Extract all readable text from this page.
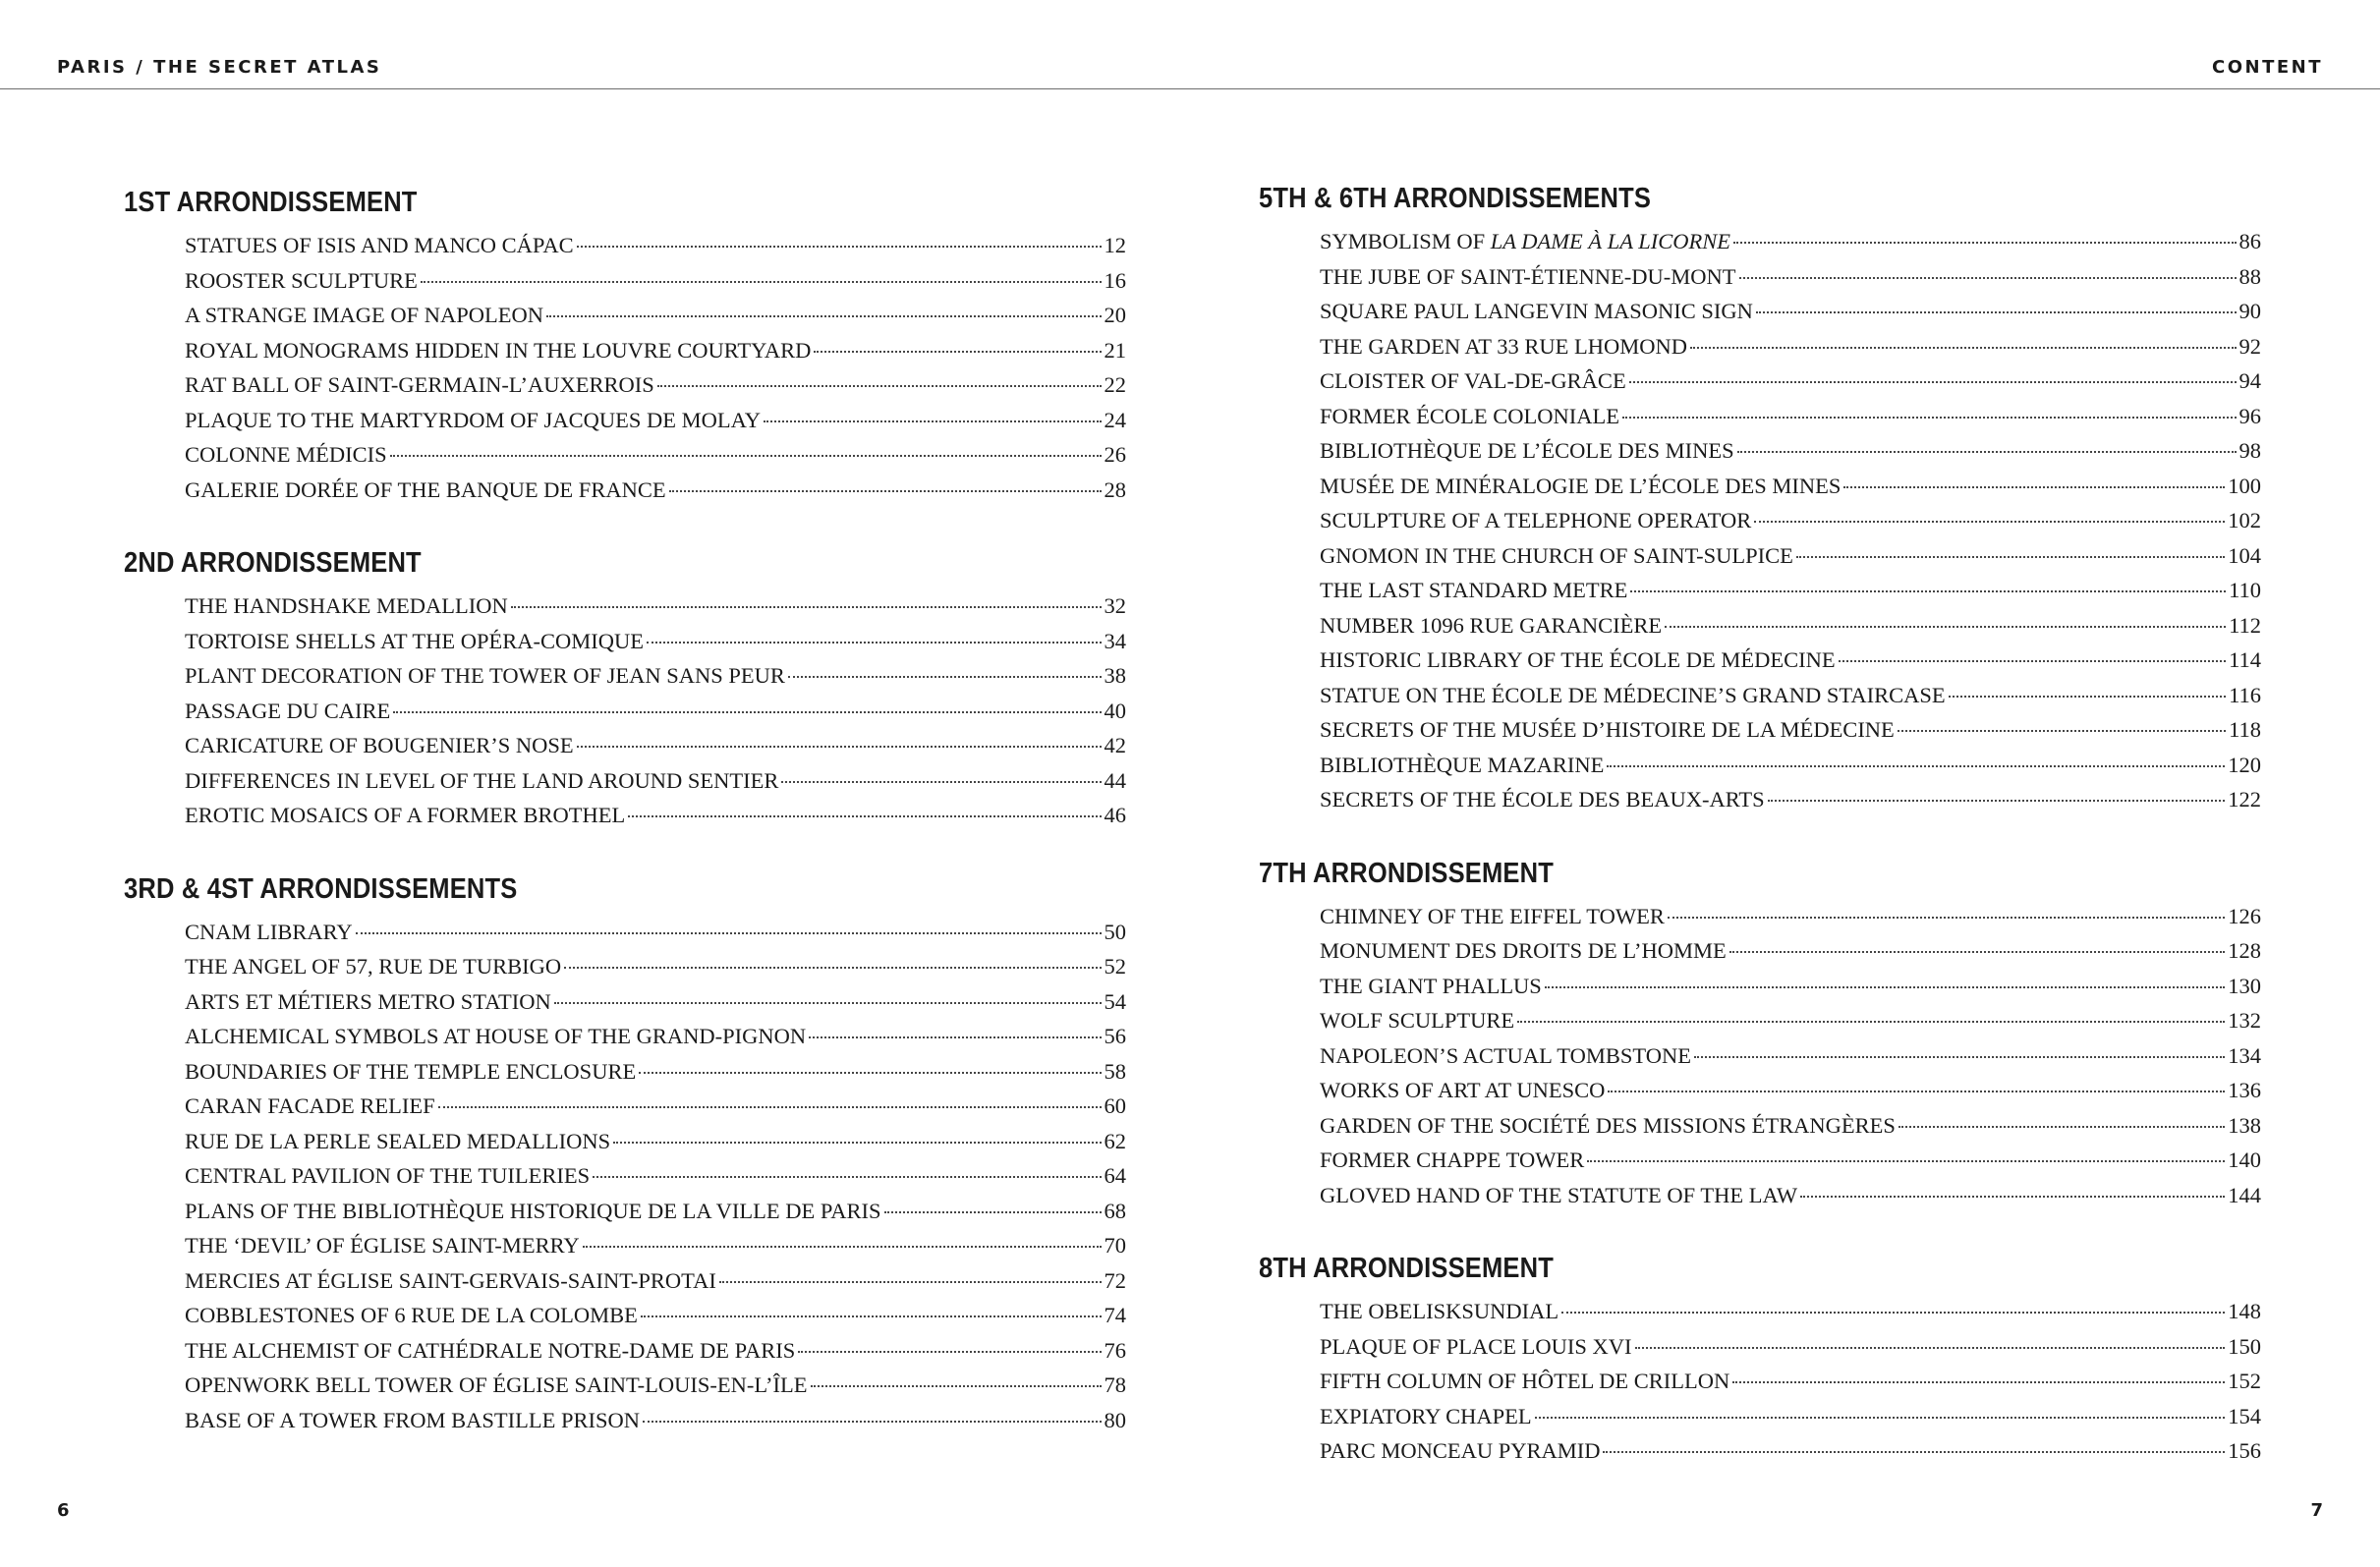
PARIS / THE SECRET ATLAS	CONTENT
1ST ARRONDISSEMENT
STATUES OF ISIS AND MANCO CÁPAC	12
ROOSTER SCULPTURE	16
A STRANGE IMAGE OF NAPOLEON	20
ROYAL MONOGRAMS HIDDEN IN THE LOUVRE COURTYARD	21
RAT BALL OF SAINT-GERMAIN-L’AUXERROIS	22
PLAQUE TO THE MARTYRDOM OF JACQUES DE MOLAY	24
COLONNE MÉDICIS	26
GALERIE DORÉE OF THE BANQUE DE FRANCE	28
2ND ARRONDISSEMENT
THE HANDSHAKE MEDALLION	32
TORTOISE SHELLS AT THE OPÉRA-COMIQUE	34
PLANT DECORATION OF THE TOWER OF JEAN SANS PEUR	38
PASSAGE DU CAIRE	40
CARICATURE OF BOUGENIER’S NOSE	42
DIFFERENCES IN LEVEL OF THE LAND AROUND SENTIER	44
EROTIC MOSAICS OF A FORMER BROTHEL	46
3RD & 4ST ARRONDISSEMENTS
CNAM LIBRARY	50
THE ANGEL OF 57, RUE DE TURBIGO	52
ARTS ET MÉTIERS METRO STATION	54
ALCHEMICAL SYMBOLS AT HOUSE OF THE GRAND-PIGNON	56
BOUNDARIES OF THE TEMPLE ENCLOSURE	58
CARAN FACADE RELIEF	60
RUE DE LA PERLE SEALED MEDALLIONS	62
CENTRAL PAVILION OF THE TUILERIES	64
PLANS OF THE BIBLIOTHÈQUE HISTORIQUE DE LA VILLE DE PARIS	68
THE ‘DEVIL’ OF ÉGLISE SAINT-MERRY	70
MERCIES AT ÉGLISE SAINT-GERVAIS-SAINT-PROTAI	72
COBBLESTONES OF 6 RUE DE LA COLOMBE	74
THE ALCHEMIST OF CATHÉDRALE NOTRE-DAME DE PARIS	76
OPENWORK BELL TOWER OF ÉGLISE SAINT-LOUIS-EN-L’ÎLE	78
BASE OF A TOWER FROM BASTILLE PRISON	80
5TH & 6TH ARRONDISSEMENTS
SYMBOLISM OF LA DAME À LA LICORNE	86
THE JUBE OF SAINT-ÉTIENNE-DU-MONT	88
SQUARE PAUL LANGEVIN MASONIC SIGN	90
THE GARDEN AT 33 RUE LHOMOND	92
CLOISTER OF VAL-DE-GRÂCE	94
FORMER ÉCOLE COLONIALE	96
BIBLIOTHÈQUE DE L’ÉCOLE DES MINES	98
MUSÉE DE MINÉRALOGIE DE L’ÉCOLE DES MINES	100
SCULPTURE OF A TELEPHONE OPERATOR	102
GNOMON IN THE CHURCH OF SAINT-SULPICE	104
THE LAST STANDARD METRE	110
NUMBER 1096 RUE GARANCIÈRE	112
HISTORIC LIBRARY OF THE ÉCOLE DE MÉDECINE	114
STATUE ON THE ÉCOLE DE MÉDECINE’S GRAND STAIRCASE	116
SECRETS OF THE MUSÉE D’HISTOIRE DE LA MÉDECINE	118
BIBLIOTHÈQUE MAZARINE	120
SECRETS OF THE ÉCOLE DES BEAUX-ARTS	122
7TH ARRONDISSEMENT
CHIMNEY OF THE EIFFEL TOWER	126
MONUMENT DES DROITS DE L’HOMME	128
THE GIANT PHALLUS	130
WOLF SCULPTURE	132
NAPOLEON’S ACTUAL TOMBSTONE	134
WORKS OF ART AT UNESCO	136
GARDEN OF THE SOCIÉTÉ DES MISSIONS ÉTRANGÈRES	138
FORMER CHAPPE TOWER	140
GLOVED HAND OF THE STATUTE OF THE LAW	144
8TH ARRONDISSEMENT
THE OBELISKSUNDIAL	148
PLAQUE OF PLACE LOUIS XVI	150
FIFTH COLUMN OF HÔTEL DE CRILLON	152
EXPIATORY CHAPEL	154
PARC MONCEAU PYRAMID	156
6	7
